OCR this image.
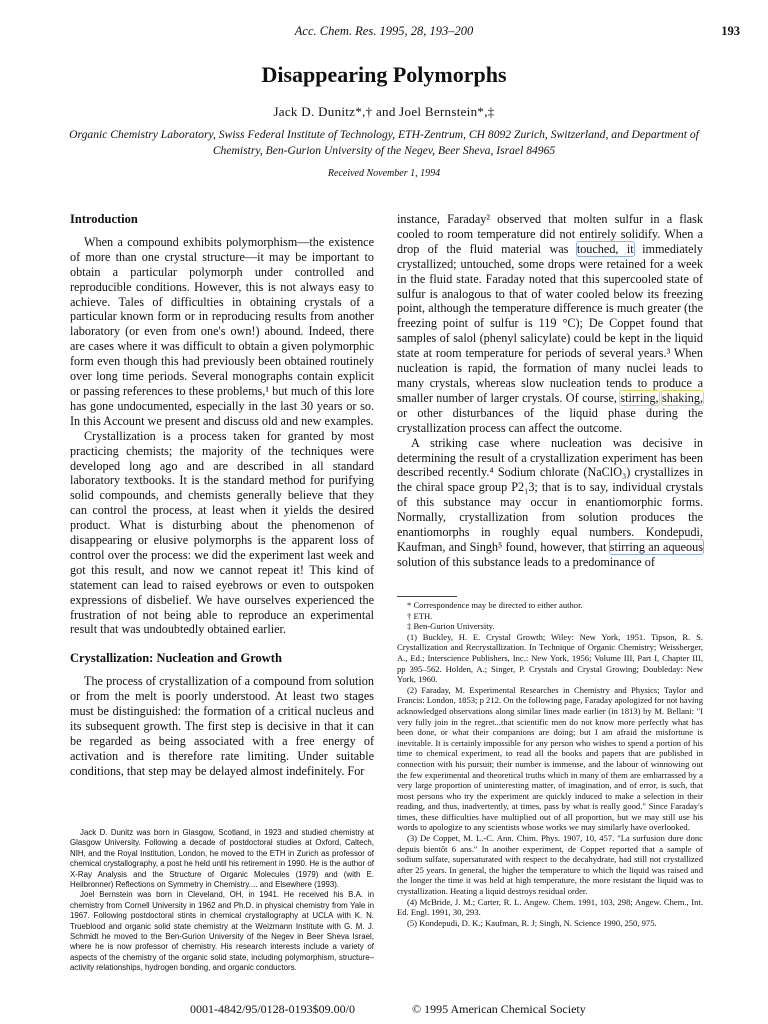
Acc. Chem. Res. 1995, 28, 193–200	193
Disappearing Polymorphs
Jack D. Dunitz*,† and Joel Bernstein*,‡
Organic Chemistry Laboratory, Swiss Federal Institute of Technology, ETH-Zentrum, CH 8092 Zurich, Switzerland, and Department of Chemistry, Ben-Gurion University of the Negev, Beer Sheva, Israel 84965
Received November 1, 1994
Introduction

When a compound exhibits polymorphism—the existence of more than one crystal structure—it may be important to obtain a particular polymorph under controlled and reproducible conditions. However, this is not always easy to achieve. Tales of difficulties in obtaining crystals of a particular known form or in reproducing results from another laboratory (or even from one's own!) abound. Indeed, there are cases where it was difficult to obtain a given polymorphic form even though this had previously been obtained routinely over long time periods. Several monographs contain explicit or passing references to these problems,¹ but much of this lore has gone undocumented, especially in the last 30 years or so. In this Account we present and discuss old and new examples.

Crystallization is a process taken for granted by most practicing chemists; the majority of the techniques were developed long ago and are described in all standard laboratory textbooks. It is the standard method for purifying solid compounds, and chemists generally believe that they can control the process, at least when it yields the desired product. What is disturbing about the phenomenon of disappearing or elusive polymorphs is the apparent loss of control over the process: we did the experiment last week and got this result, and now we cannot repeat it! This kind of statement can lead to raised eyebrows or even to outspoken expressions of disbelief. We have ourselves experienced the frustration of not being able to reproduce an experimental result that was undoubtedly obtained earlier.

Crystallization: Nucleation and Growth

The process of crystallization of a compound from solution or from the melt is poorly understood. At least two stages must be distinguished: the formation of a critical nucleus and its subsequent growth. The first step is decisive in that it can be regarded as being associated with a free energy of activation and is therefore rate limiting. Under suitable conditions, that step may be delayed almost indefinitely. For

Jack D. Dunitz was born in Glasgow, Scotland, in 1923 and studied chemistry at Glasgow University. Following a decade of postdoctoral studies at Oxford, Caltech, NIH, and the Royal Institution, London, he moved to the ETH in Zurich as professor of chemical crystallography, a post he held until his retirement in 1990. He is the author of X-Ray Analysis and the Structure of Organic Molecules (1979) and (with E. Heilbronner) Reflections on Symmetry in Chemistry.... and Elsewhere (1993).

Joel Bernstein was born in Cleveland, OH, in 1941. He received his B.A. in chemistry from Cornell University in 1962 and Ph.D. in physical chemistry from Yale in 1967. Following postdoctoral stints in chemical crystallography at UCLA with K. N. Trueblood and organic solid state chemistry at the Weizmann Institute with G. M. J. Schmidt he moved to the Ben-Gurion University of the Negev in Beer Sheva Israel, where he is now professor of chemistry. His research interests include a variety of aspects of the chemistry of the organic solid state, including polymorphism, structure–activity relationships, hydrogen bonding, and organic conductors.

instance, Faraday² observed that molten sulfur in a flask cooled to room temperature did not entirely solidify. When a drop of the fluid material was touched, it immediately crystallized; untouched, some drops were retained for a week in the fluid state. Faraday noted that this supercooled state of sulfur is analogous to that of water cooled below its freezing point, although the temperature difference is much greater (the freezing point of sulfur is 119 °C); De Coppet found that samples of salol (phenyl salicylate) could be kept in the liquid state at room temperature for periods of several years.³ When nucleation is rapid, the formation of many nuclei leads to many crystals, whereas slow nucleation tends to produce a smaller number of larger crystals. Of course, stirring, shaking, or other disturbances of the liquid phase during the crystallization process can affect the outcome.

A striking case where nucleation was decisive in determining the result of a crystallization experiment has been described recently.⁴ Sodium chlorate (NaClO₃) crystallizes in the chiral space group P2₁3; that is to say, individual crystals of this substance may occur in enantiomorphic forms. Normally, crystallization from solution produces the enantiomorphs in roughly equal numbers. Kondepudi, Kaufman, and Singh⁵ found, however, that stirring an aqueous solution of this substance leads to a predominance of

* Correspondence may be directed to either author.

† ETH.

‡ Ben-Gurion University.

(1) Buckley, H. E. Crystal Growth; Wiley: New York, 1951. Tipson, R. S. Crystallization and Recrystallization. In Technique of Organic Chemistry; Weissberger, A., Ed.; Interscience Publishers, Inc.: New York, 1956; Volume III, Part I, Chapter III, pp 395–562. Holden, A.; Singer, P. Crystals and Crystal Growing; Doubleday: New York, 1960.

(2) Faraday, M. Experimental Researches in Chemistry and Physics; Taylor and Francis: London, 1853; p 212. On the following page, Faraday apologized for not having acknowledged observations along similar lines made earlier (in 1813) by M. Bellani: "I very fully join in the regret...that scientific men do not know more perfectly what has been done, or what their companions are doing; but I am afraid the misfortune is inevitable. It is certainly impossible for any person who wishes to spend a portion of his time to chemical experiment, to read all the books and papers that are published in connection with his pursuit; their number is immense, and the labour of winnowing out the few experimental and theoretical truths which in many of them are embarrassed by a very large proportion of uninteresting matter, of imagination, and of error, is such, that most persons who try the experiment are quickly induced to make a selection in their reading, and thus, inadvertently, at times, pass by what is really good." Since Faraday's times, these difficulties have multiplied out of all proportion, but we may still use his words to apologize to any scientists whose works we may similarly have overlooked.

(3) De Coppet, M. L.-C. Ann. Chim. Phys. 1907, 10, 457. "La surfusion dure donc depuis bientôt 6 ans." In another experiment, de Coppet reported that a sample of sodium sulfate, supersaturated with respect to the decahydrate, had still not crystallized after 25 years. In general, the higher the temperature to which the liquid was raised and the longer the time it was held at high temperature, the more resistant the liquid was to crystallization. Heating a liquid destroys residual order.

(4) McBride, J. M.; Carter, R. L. Angew. Chem. 1991, 103, 298; Angew. Chem., Int. Ed. Engl. 1991, 30, 293.

(5) Kondepudi, D. K.; Kaufman, R. J; Singh, N. Science 1990, 250, 975.

0001-4842/95/0128-0193$09.00/0	© 1995 American Chemical Society
